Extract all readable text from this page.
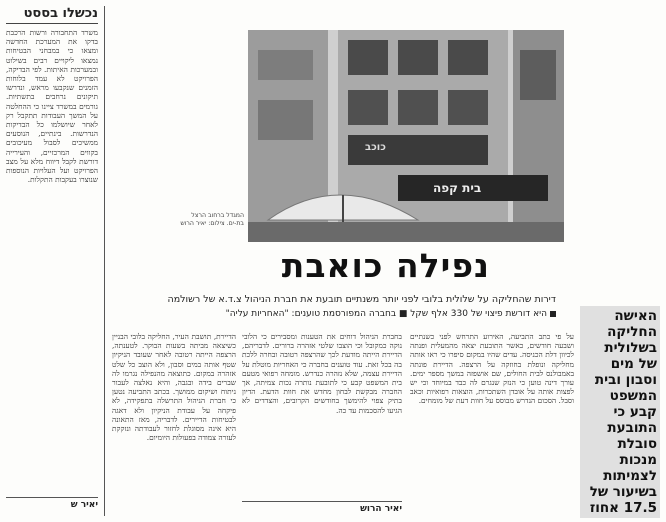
נכשלו בססט

משרד התחבורה ורשות הרכבת בדקו את המערכת החדשה ומצאו כי במבחני הבטיחות נמצאו ליקויים רבים בשילוט ובמערכות האיתות. לפי הבדיקה, הפרויקט לא עמד בלוחות הזמנים שנקבעו מראש, ונדרשו תיקונים נרחבים בתשתיות. גורמים במשרד ציינו כי ההחלטה על המשך העבודות תתקבל רק לאחר שיושלמו כל הבדיקות הנדרשות. בינתיים, הנוסעים ממשיכים לסבול מעיכובים בקווים המרכזיים, והעירייה דורשת לקבל דיווח מלא על מצב הפרויקט ועל העלויות הנוספות שנוצרו בעקבות התקלות.

יאיר ש
בית קפה
כוכב
המגדל ברחוב הרצל בת-ים. צילום: יאיר הרוש
נפילה כואבת

דירות שהחליקה על שלולית בלובי לפני יותר משנתיים תובעת את חברת הניהול צ.ד.א של רשולמה

היא דורשת פיצוי של 330 אלף שקל ■ בחברה המפורסמת טוענים: "האחריות עליה"	האישה החליקה בשלולית של מים וסבון ובית המשפט קבע כי התובעת סובלת מנכות לצמיתות בשיעור של 17.5 אחוז

על פי כתב התביעה, האירוע התרחש לפני כשנתיים ושבעה חודשים, כאשר התובעת יצאה מהמעלית ופנתה לכיוון דלת הכניסה. עדים שהיו במקום סיפרו כי ראו אותה מחליקה ונופלת בחוזקה על הרצפה. הדיירת פונתה באמבולנס לבית החולים, שם אושפזה במשך מספר ימים. עורך דינה טוען כי הנזק שנגרם לה כבד במיוחד וכי יש לפצות אותה על אובדן השתכרות, הוצאות רפואיות וכאב וסבל. הסכום הנדרש מבוסס על חוות דעת של מומחים.

בחברת הניהול דוחים את הטענות ומסבירים כי הלובי נוקה כמקובל וכי הוצבו שלטי אזהרה ברורים. לדבריהם, הדיירת הייתה מודעת לכך שהרצפה רטובה ובחרה ללכת בה בכל זאת. עוד טוענים בחברה כי האחריות מוטלת על הדיירת עצמה, שלא נזהרה כנדרש. מומחה רפואי מטעם בית המשפט קבע כי לתובעת נותרה נכות צמיתה, אך החברה מבקשת לבחון מחדש את חוות הדעת. הדיון בתיק צפוי להימשך בחודשים הקרובים, והצדדים לא הגיעו להסכמות עד כה.

יאיר הרוש

הדיירת, תושבת העיר, החליקה בלובי הבניין כשיצאה מביתה בשעות הבוקר. לטענתה, הרצפה הייתה רטובה לאחר שעובד הניקיון שטף אותה במים וסבון, ולא הוצב כל שלט אזהרה במקום. כתוצאה מהנפילה נגרמו לה שברים בידה ובגבה, והיא נאלצה לעבור ניתוח ושיקום ממושך. בכתב התביעה נטען כי חברת הניהול התרשלה בתפקידה, לא פיקחה על עבודת הניקיון ולא דאגה לבטיחות הדיירים. לדבריה, מאז התאונה היא אינה מסוגלת לחזור לעבודתה ונזקקת לעזרה צמודה בפעולות היומיום.
